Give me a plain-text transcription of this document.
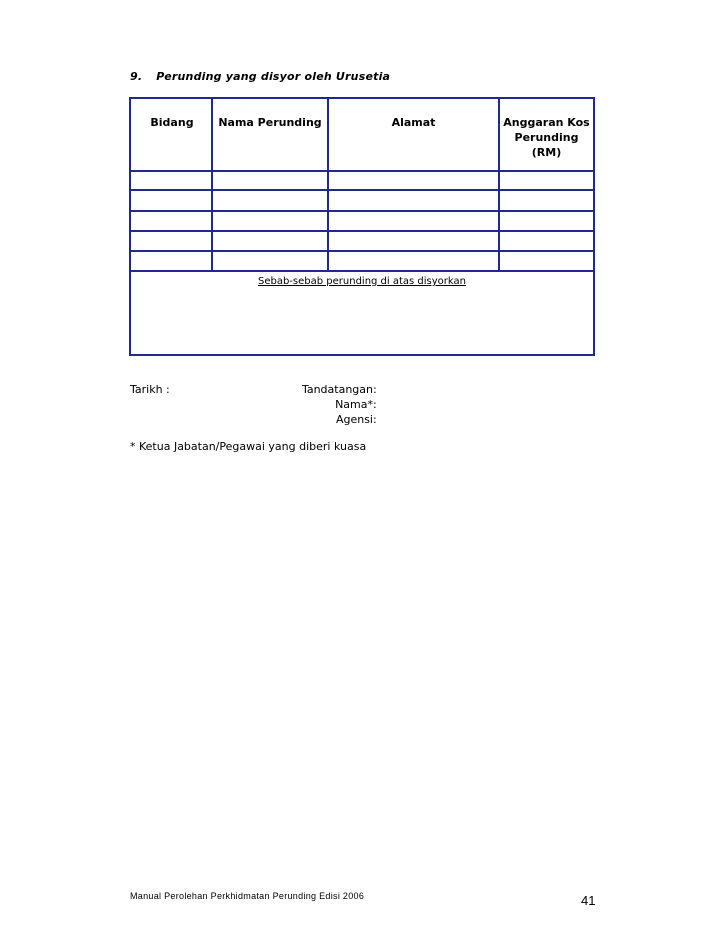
9. Perunding yang disyor oleh Urusetia
Bidang	Nama Perunding	Alamat	Anggaran Kos
Perunding
(RM)
Sebab-sebab perunding di atas disyorkan
Tarikh :	Tandatangan :
Nama* :
Agensi :
* Ketua Jabatan/Pegawai yang diberi kuasa
Manual Perolehan Perkhidmatan Perunding Edisi 2006	41
